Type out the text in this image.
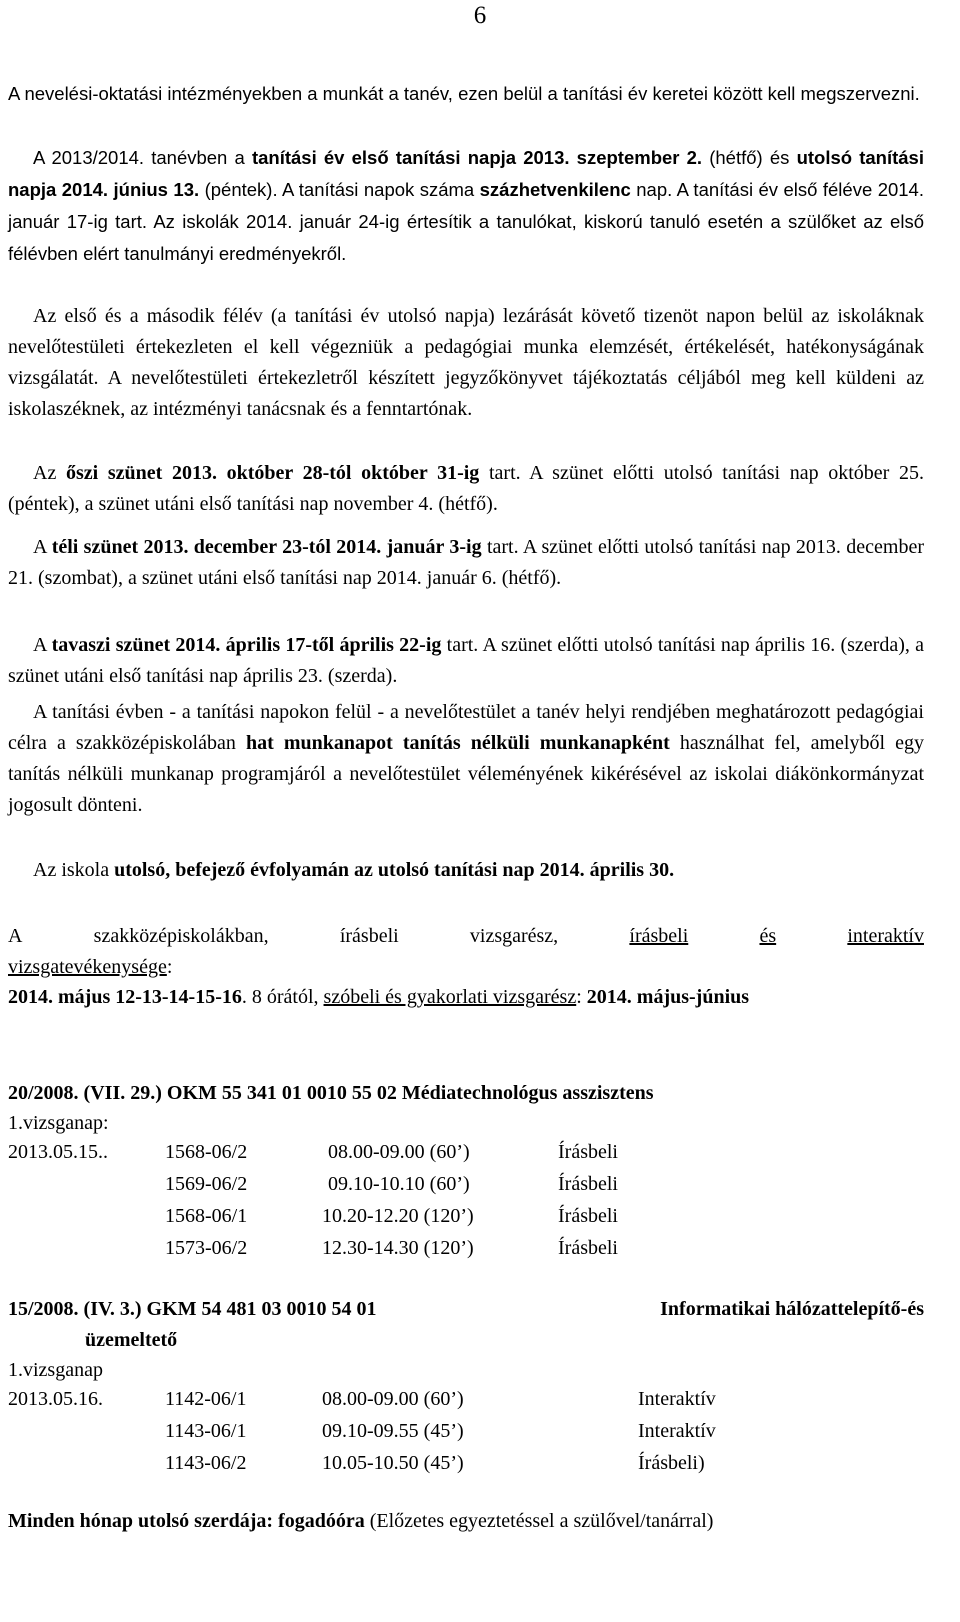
6

A nevelési-oktatási intézményekben a munkát a tanév, ezen belül a tanítási év keretei között kell megszervezni.

A 2013/2014. tanévben a tanítási év első tanítási napja 2013. szeptember 2. (hétfő) és utolsó tanítási napja 2014. június 13. (péntek). A tanítási napok száma százhetvenkilenc nap. A tanítási év első féléve 2014. január 17-ig tart. Az iskolák 2014. január 24-ig értesítik a tanulókat, kiskorú tanuló esetén a szülőket az első félévben elért tanulmányi eredményekről.

Az első és a második félév (a tanítási év utolsó napja) lezárását követő tizenöt napon belül az iskoláknak nevelőtestületi értekezleten el kell végezniük a pedagógiai munka elemzését, értékelését, hatékonyságának vizsgálatát. A nevelőtestületi értekezletről készített jegyzőkönyvet tájékoztatás céljából meg kell küldeni az iskolaszéknek, az intézményi tanácsnak és a fenntartónak.

Az őszi szünet 2013. október 28-tól október 31-ig tart. A szünet előtti utolsó tanítási nap október 25. (péntek), a szünet utáni első tanítási nap november 4. (hétfő).

A téli szünet 2013. december 23-tól 2014. január 3-ig tart. A szünet előtti utolsó tanítási nap 2013. december 21. (szombat), a szünet utáni első tanítási nap 2014. január 6. (hétfő).

A tavaszi szünet 2014. április 17-től április 22-ig tart. A szünet előtti utolsó tanítási nap április 16. (szerda), a szünet utáni első tanítási nap április 23. (szerda).

A tanítási évben - a tanítási napokon felül - a nevelőtestület a tanév helyi rendjében meghatározott pedagógiai célra a szakközépiskolában hat munkanapot tanítás nélküli munkanapként használhat fel, amelyből egy tanítás nélküli munkanap programjáról a nevelőtestület véleményének kikérésével az iskolai diákönkormányzat jogosult dönteni.

Az iskola utolsó, befejező évfolyamán az utolsó tanítási nap 2014. április 30.

A	szakközépiskolákban,	írásbeli	vizsgarész,	írásbeli	és	interaktív
vizsgatevékenysége:

2014. május 12-13-14-15-16. 8 órától, szóbeli és gyakorlati vizsgarész: 2014. május-június

20/2008. (VII. 29.) OKM 55 341 01 0010 55 02 Médiatechnológus asszisztens
1.vizsganap:
2013.05.15..	1568-06/2	08.00-09.00 (60’)	Írásbeli
1569-06/2	09.10-10.10 (60’)	Írásbeli
1568-06/1	10.20-12.20 (120’)	Írásbeli
1573-06/2	12.30-14.30 (120’)	Írásbeli
15/2008. (IV. 3.) GKM 54 481 03 0010 54 01	Informatikai hálózattelepítő-és
üzemeltető
1.vizsganap
2013.05.16.	1142-06/1	08.00-09.00 (60’)	Interaktív
1143-06/1	09.10-09.55 (45’)	Interaktív
1143-06/2	10.05-10.50 (45’)	Írásbeli)

Minden hónap utolsó szerdája: fogadóóra (Előzetes egyeztetéssel a szülővel/tanárral)
